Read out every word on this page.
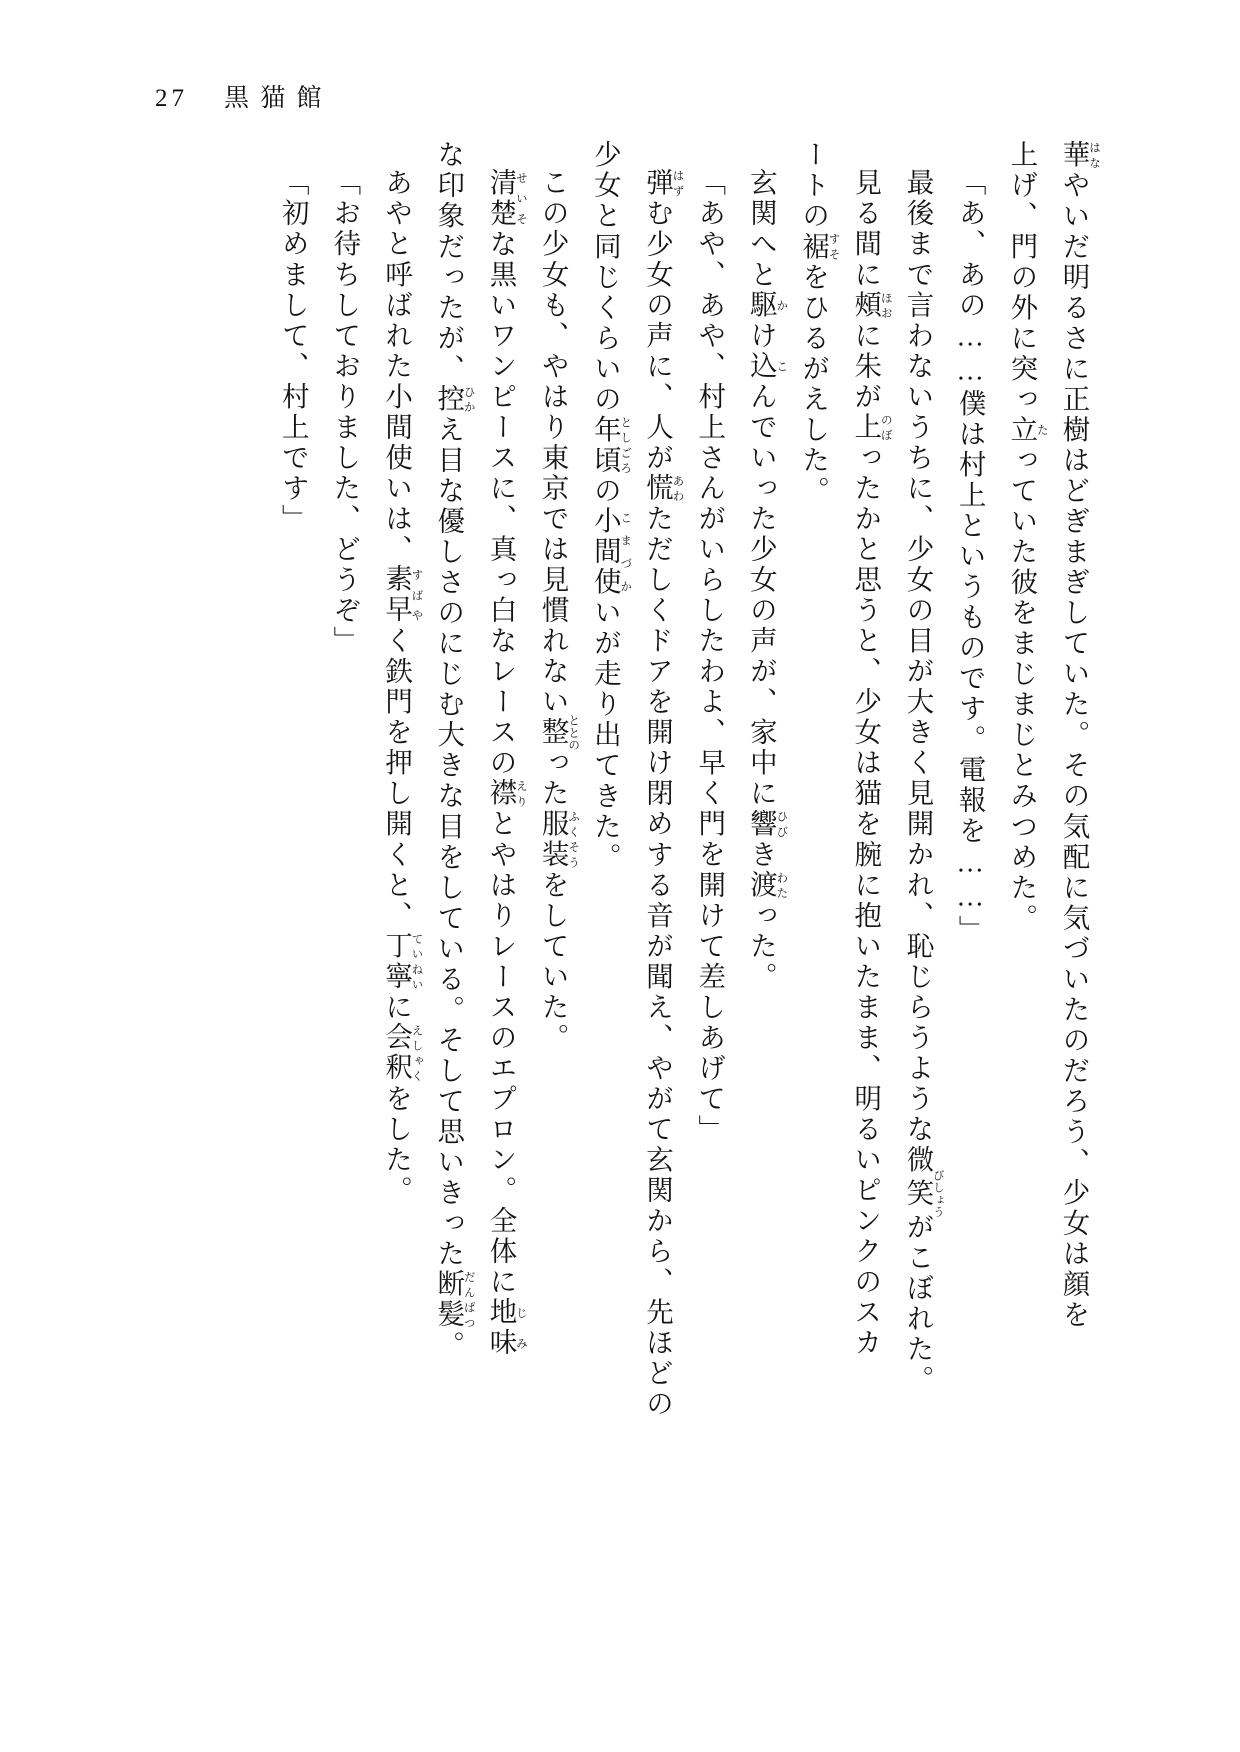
27 黒猫館

華はなやいだ明るさに正樹はどぎまぎしていた。その気配に気づいたのだろう、少女は顔を

上げ、門の外に突っ立たっていた彼をまじまじとみつめた。

「あ、あの……僕は村上というものです。電報を……」

最後まで言わないうちに、少女の目が大きく見開かれ、恥じらうような微笑びしょうがこぼれた。

見る間に頰ほおに朱が上のぼったかと思うと、少女は猫を腕に抱いたまま、明るいピンクのスカ

ートの裾すそをひるがえした。

玄関へと駆かけ込こんでいった少女の声が、家中に響ひびき渡わたった。

「あや、あや、村上さんがいらしたわよ、早く門を開けて差しあげて」

弾はずむ少女の声に、人が慌あわただしくドアを開け閉めする音が聞え、やがて玄関から、先ほどの

少女と同じくらいの年頃としごろの小間使こまづかいが走り出てきた。

この少女も、やはり東京では見慣れない整ととのった服装ふくそうをしていた。

清楚せいそな黒いワンピースに、真っ白なレースの襟えりとやはりレースのエプロン。全体に地味じみ

な印象だったが、控ひかえ目な優しさのにじむ大きな目をしている。そして思いきった断髪だんぱつ。

あやと呼ばれた小間使いは、素早すばやく鉄門を押し開くと、丁寧ていねいに会釈えしゃくをした。

「お待ちしておりました、どうぞ」

「初めまして、村上です」
